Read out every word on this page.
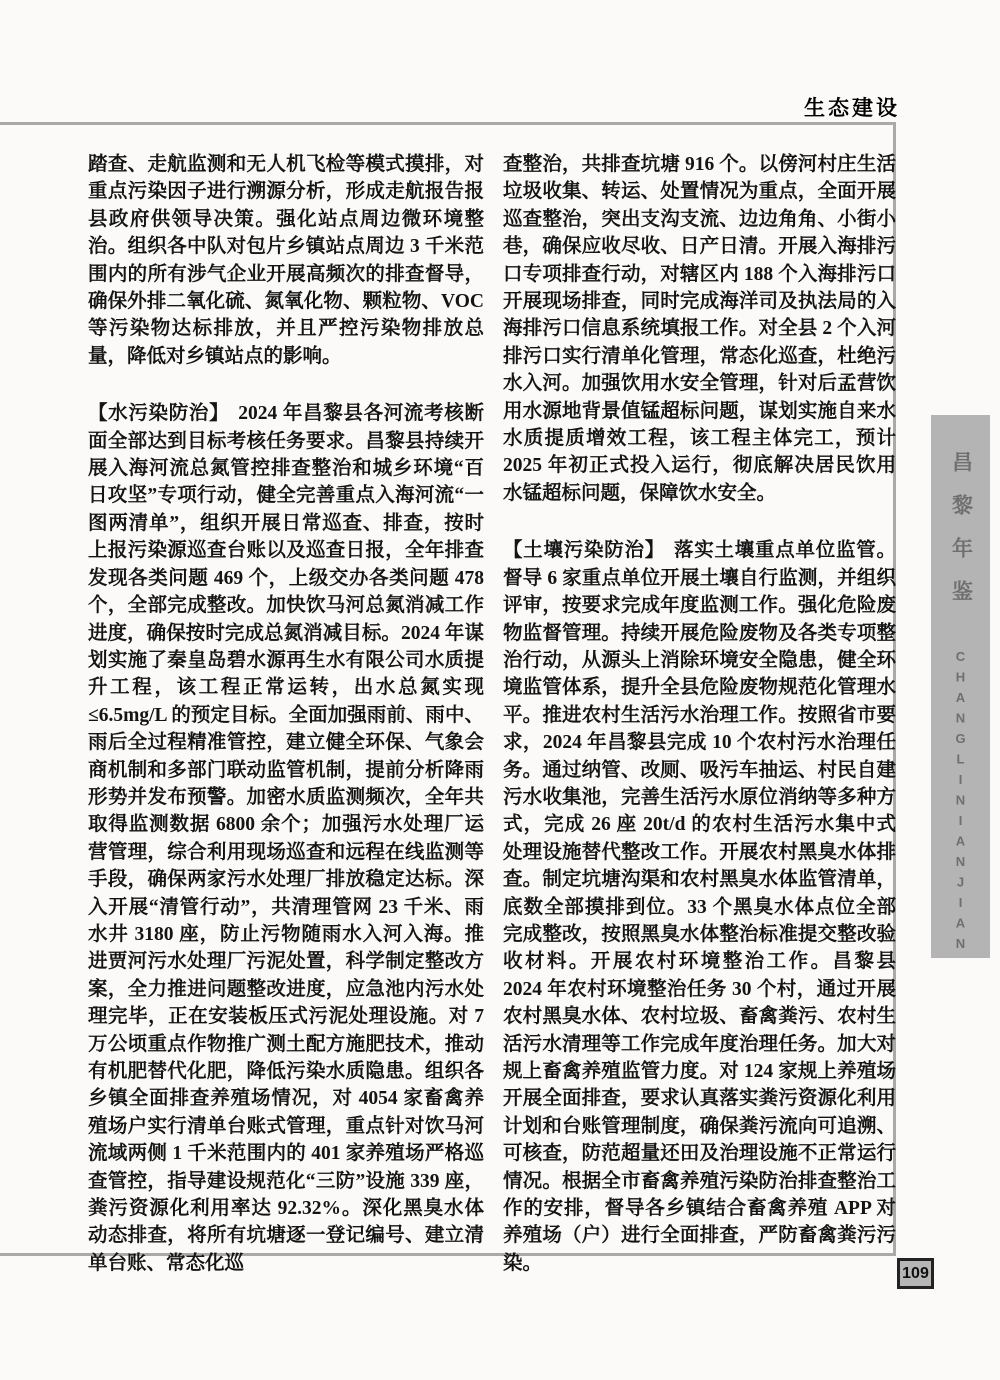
生态建设

踏查、走航监测和无人机飞检等模式摸排，对重点污染因子进行溯源分析，形成走航报告报县政府供领导决策。强化站点周边微环境整治。组织各中队对包片乡镇站点周边 3 千米范围内的所有涉气企业开展高频次的排查督导，确保外排二氧化硫、氮氧化物、颗粒物、VOC 等污染物达标排放，并且严控污染物排放总量，降低对乡镇站点的影响。

【水污染防治】 2024 年昌黎县各河流考核断面全部达到目标考核任务要求。昌黎县持续开展入海河流总氮管控排查整治和城乡环境“百日攻坚”专项行动，健全完善重点入海河流“一图两清单”，组织开展日常巡查、排查，按时上报污染源巡查台账以及巡查日报，全年排查发现各类问题 469 个，上级交办各类问题 478 个，全部完成整改。加快饮马河总氮消减工作进度，确保按时完成总氮消减目标。2024 年谋划实施了秦皇岛碧水源再生水有限公司水质提升工程，该工程正常运转，出水总氮实现≤6.5mg/L 的预定目标。全面加强雨前、雨中、雨后全过程精准管控，建立健全环保、气象会商机制和多部门联动监管机制，提前分析降雨形势并发布预警。加密水质监测频次，全年共取得监测数据 6800 余个；加强污水处理厂运营管理，综合利用现场巡查和远程在线监测等手段，确保两家污水处理厂排放稳定达标。深入开展“清管行动”，共清理管网 23 千米、雨水井 3180 座，防止污物随雨水入河入海。推进贾河污水处理厂污泥处置，科学制定整改方案，全力推进问题整改进度，应急池内污水处理完毕，正在安装板压式污泥处理设施。对 7 万公顷重点作物推广测土配方施肥技术，推动有机肥替代化肥，降低污染水质隐患。组织各乡镇全面排查养殖场情况，对 4054 家畜禽养殖场户实行清单台账式管理，重点针对饮马河流域两侧 1 千米范围内的 401 家养殖场严格巡查管控，指导建设规范化“三防”设施 339 座，粪污资源化利用率达 92.32%。深化黑臭水体动态排查，将所有坑塘逐一登记编号、建立清单台账、常态化巡

查整治，共排查坑塘 916 个。以傍河村庄生活垃圾收集、转运、处置情况为重点，全面开展巡查整治，突出支沟支流、边边角角、小街小巷，确保应收尽收、日产日清。开展入海排污口专项排查行动，对辖区内 188 个入海排污口开展现场排查，同时完成海洋司及执法局的入海排污口信息系统填报工作。对全县 2 个入河排污口实行清单化管理，常态化巡查，杜绝污水入河。加强饮用水安全管理，针对后孟营饮用水源地背景值锰超标问题，谋划实施自来水水质提质增效工程，该工程主体完工，预计 2025 年初正式投入运行，彻底解决居民饮用水锰超标问题，保障饮水安全。

【土壤污染防治】 落实土壤重点单位监管。督导 6 家重点单位开展土壤自行监测，并组织评审，按要求完成年度监测工作。强化危险废物监督管理。持续开展危险废物及各类专项整治行动，从源头上消除环境安全隐患，健全环境监管体系，提升全县危险废物规范化管理水平。推进农村生活污水治理工作。按照省市要求，2024 年昌黎县完成 10 个农村污水治理任务。通过纳管、改厕、吸污车抽运、村民自建污水收集池，完善生活污水原位消纳等多种方式，完成 26 座 20t/d 的农村生活污水集中式处理设施替代整改工作。开展农村黑臭水体排查。制定坑塘沟渠和农村黑臭水体监管清单，底数全部摸排到位。33 个黑臭水体点位全部完成整改，按照黑臭水体整治标准提交整改验收材料。开展农村环境整治工作。昌黎县 2024 年农村环境整治任务 30 个村，通过开展农村黑臭水体、农村垃圾、畜禽粪污、农村生活污水清理等工作完成年度治理任务。加大对规上畜禽养殖监管力度。对 124 家规上养殖场开展全面排查，要求认真落实粪污资源化利用计划和台账管理制度，确保粪污流向可追溯、可核查，防范超量还田及治理设施不正常运行情况。根据全市畜禽养殖污染防治排查整治工作的安排，督导各乡镇结合畜禽养殖 APP 对养殖场（户）进行全面排查，严防畜禽粪污污染。

昌黎年鉴
CHANGLINIANJIAN
109
